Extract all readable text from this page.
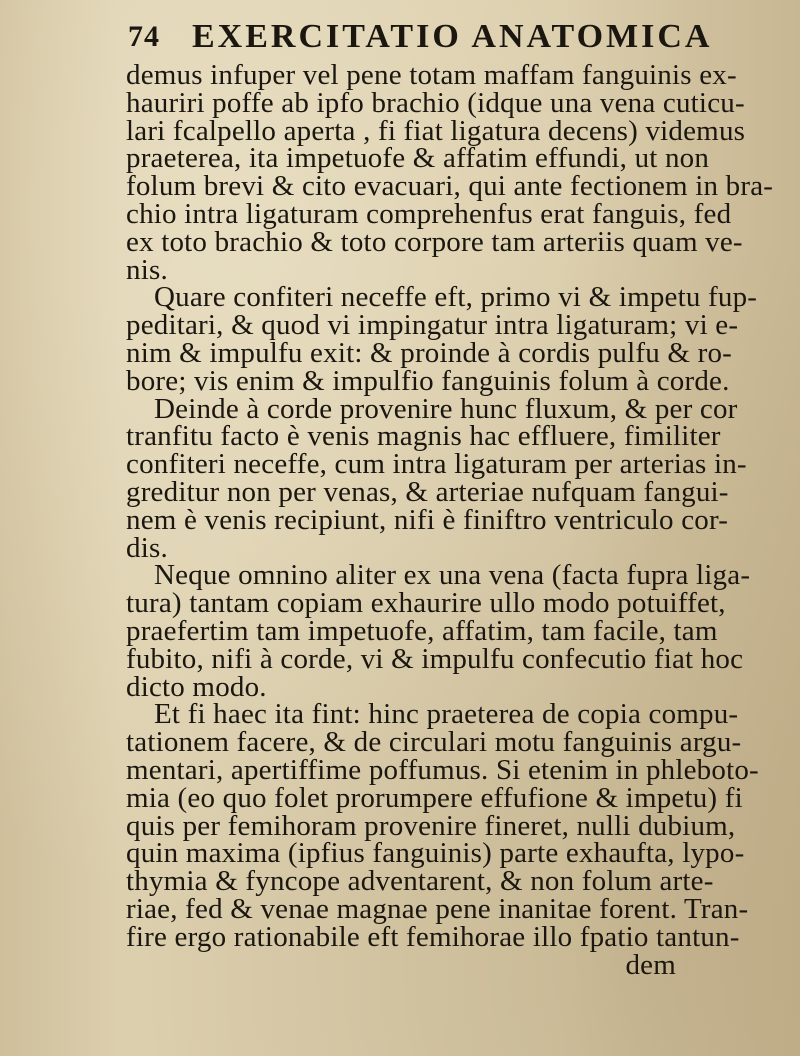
74 EXERCITATIO ANATOMICA
demus infuper vel pene totam maffam fanguinis ex-
hauriri poffe ab ipfo brachio (idque una vena cuticu-
lari fcalpello aperta , fi fiat ligatura decens) videmus
praeterea, ita impetuofe & affatim effundi, ut non
folum brevi & cito evacuari, qui ante fectionem in bra-
chio intra ligaturam comprehenfus erat fanguis, fed
ex toto brachio & toto corpore tam arteriis quam ve-
nis.
Quare confiteri neceffe eft, primo vi & impetu fup-
peditari, & quod vi impingatur intra ligaturam; vi e-
nim & impulfu exit: & proinde à cordis pulfu & ro-
bore; vis enim & impulfio fanguinis folum à corde.
Deinde à corde provenire hunc fluxum, & per cor
tranfitu facto è venis magnis hac effluere, fimiliter
confiteri neceffe, cum intra ligaturam per arterias in-
greditur non per venas, & arteriae nufquam fangui-
nem è venis recipiunt, nifi è finiftro ventriculo cor-
dis.
Neque omnino aliter ex una vena (facta fupra liga-
tura) tantam copiam exhaurire ullo modo potuiffet,
praefertim tam impetuofe, affatim, tam facile, tam
fubito, nifi à corde, vi & impulfu confecutio fiat hoc
dicto modo.
Et fi haec ita fint: hinc praeterea de copia compu-
tationem facere, & de circulari motu fanguinis argu-
mentari, apertiffime poffumus. Si etenim in phleboto-
mia (eo quo folet prorumpere effufione & impetu) fi
quis per femihoram provenire fineret, nulli dubium,
quin maxima (ipfius fanguinis) parte exhaufta, lypo-
thymia & fyncope adventarent, & non folum arte-
riae, fed & venae magnae pene inanitae forent. Tran-
fire ergo rationabile eft femihorae illo fpatio tantun-
dem
